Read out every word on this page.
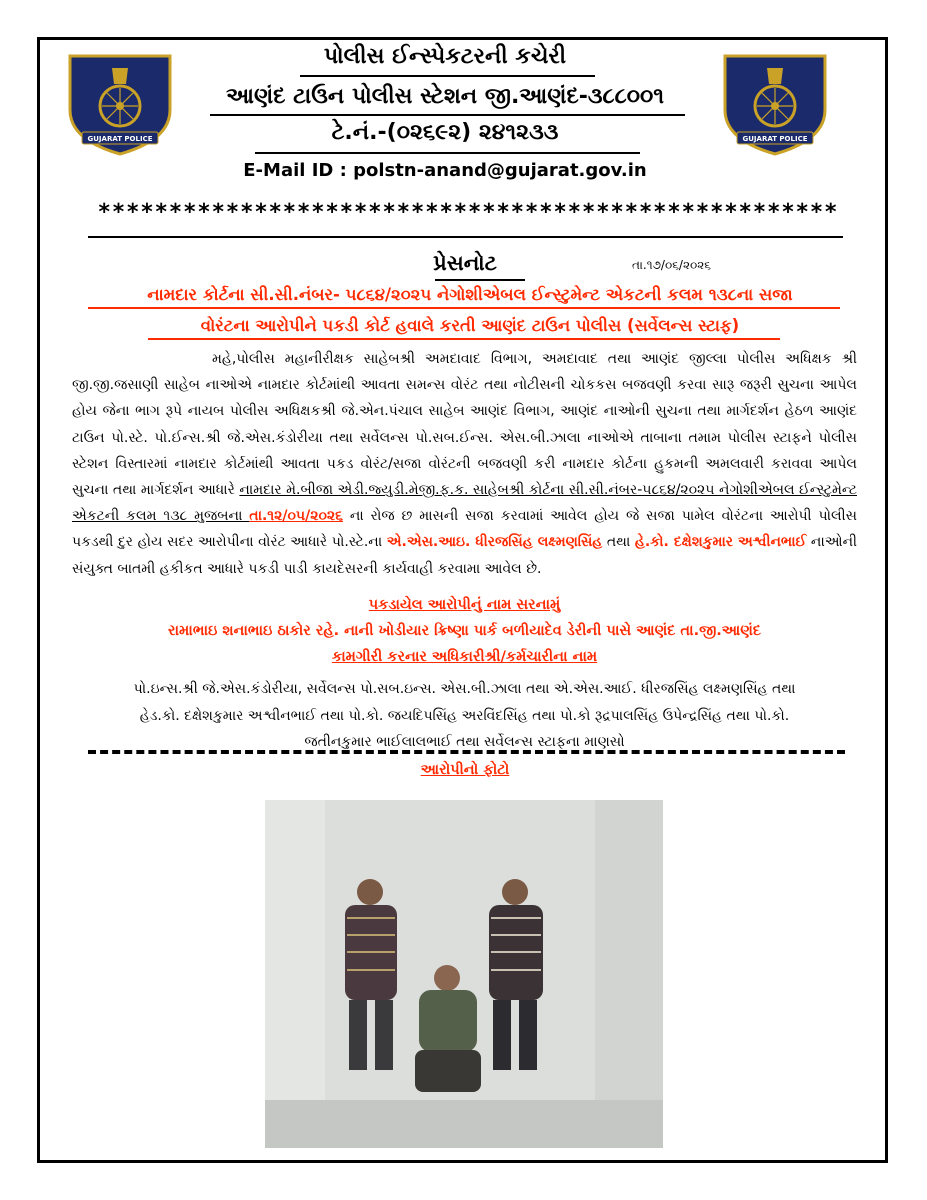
GUJARAT POLICE	GUJARAT POLICE
પોલીસ ઈન્સ્પેકટરની કચેરી
આણંદ ટાઉન પોલીસ સ્ટેશન જી.આણંદ-૩૮૮૦૦૧
ટે.નં.-(૦૨૬૯૨) ૨૪૧૨૩૩
E-Mail ID : polstn-anand@gujarat.gov.in
****************************************************
પ્રેસનોટ	તા.૧૭/૦૬/૨૦૨૬
નામદાર કોર્ટના સી.સી.નંબર- ૫૮૬૪/૨૦૨૫ નેગોશીએબલ ઈન્સ્ટુમેન્ટ એકટની કલમ ૧૩૮ના સજા
વોરંટના આરોપીને પકડી કોર્ટ હવાલે કરતી આણંદ ટાઉન પોલીસ (સર્વેલન્સ સ્ટાફ)

મહે,પોલીસ મહાનીરીક્ષક સાહેબશ્રી અમદાવાદ વિભાગ, અમદાવાદ તથા આણંદ જીલ્લા પોલીસ અધિક્ષક શ્રી જી.જી.જસાણી સાહેબ નાઓએ નામદાર કોર્ટમાંથી આવતા સમન્સ વોરંટ તથા નોટીસની ચોકકસ બજવણી કરવા સારૂ જરૂરી સુચના આપેલ હોય જેના ભાગ રૂપે નાયબ પોલીસ અધિક્ષકશ્રી જે.એન.પંચાલ સાહેબ આણંદ વિભાગ, આણંદ નાઓની સુચના તથા માર્ગદર્શન હેઠળ આણંદ ટાઉન પો.સ્ટે. પો.ઈન્સ.શ્રી જે.એસ.કંડોરીયા તથા સર્વેલન્સ પો.સબ.ઈન્સ. એસ.બી.ઝાલા નાઓએ તાબાના તમામ પોલીસ સ્ટાફને પોલીસ સ્ટેશન વિસ્તારમાં નામદાર કોર્ટમાંથી આવતા પકડ વોરંટ/સજા વોરંટની બજવણી કરી નામદાર કોર્ટના હુકમની અમલવારી કરાવવા આપેલ સુચના તથા માર્ગદર્શન આધારે નામદાર મે.બીજા એડી.જ્યુડી.મેજી.ફ.ક. સાહેબશ્રી કોર્ટના સી.સી.નંબર-૫૮૬૪/૨૦૨૫ નેગોશીએબલ ઈન્સ્ટુમેન્ટ એકટની કલમ ૧૩૮ મુજબના તા.૧૨/૦૫/૨૦૨૬ ના રોજ છ માસની સજા કરવામાં આવેલ હોય જે સજા પામેલ વોરંટના આરોપી પોલીસ પકડથી દુર હોય સદર આરોપીના વોરંટ આધારે પો.સ્ટે.ના એ.એસ.આઇ. ધીરજસિંહ લક્ષ્મણસિંહ તથા હે.કો. દક્ષેશકુમાર અશ્વીનભાઈ નાઓની સંયુક્ત બાતમી હકીકત આધારે પકડી પાડી કાયદેસરની કાર્યવાહી કરવામા આવેલ છે.

પકડાયેલ આરોપીનું નામ સરનામું
રામાભાઇ શનાભાઇ ઠાકોર રહે. નાની ખોડીયાર ક્રિષ્ણા પાર્ક બળીયાદેવ ડેરીની પાસે આણંદ તા.જી.આણંદ
કામગીરી કરનાર અધિકારીશ્રી/કર્મચારીના નામ
પો.ઇન્સ.શ્રી જે.એસ.કંડોરીયા, સર્વેલન્સ પો.સબ.ઇન્સ. એસ.બી.ઝાલા તથા એ.એસ.આઈ. ધીરજસિંહ લક્ષ્મણસિંહ તથા
હેડ.કો. દક્ષેશકુમાર અશ્વીનભાઈ તથા પો.કો. જયદિપસિંહ અરવિંદસિંહ તથા પો.કો રૂદ્રપાલસિંહ ઉપેન્દ્રસિંહ તથા પો.કો.
જતીનકુમાર ભાઈલાલભાઈ તથા સર્વેલન્સ સ્ટાફના માણસો
આરોપીનો ફોટો
